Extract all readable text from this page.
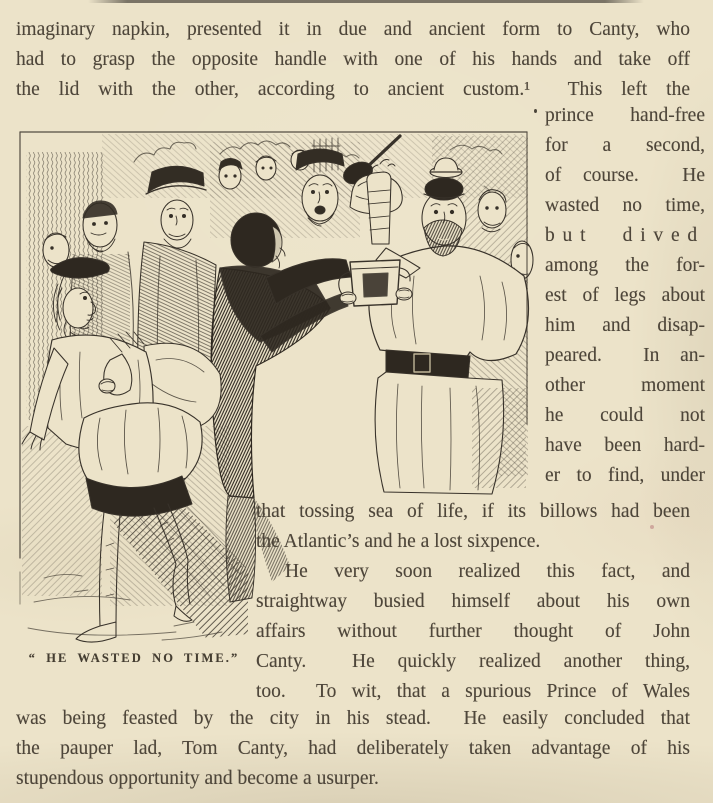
imaginary napkin, presented it in due and ancient form to Canty, who
had to grasp the opposite handle with one of his hands and take off
the lid with the other, according to ancient custom.¹  This left the
“ HE WASTED NO TIME.”
prince hand-free
for a second,
of course.  He
wasted no time,
but dived
among the for-
est of legs about
him and disap-
peared.  In an-
other moment
he could not
have been hard-
er to find, under
that tossing sea of life, if its billows had been
the Atlantic’s and he a lost sixpence.
He very soon realized this fact, and
straightway busied himself about his own
affairs without further thought of John
Canty.  He quickly realized another thing,
too.  To wit, that a spurious Prince of Wales
was being feasted by the city in his stead.  He easily concluded that
the pauper lad, Tom Canty, had deliberately taken advantage of his
stupendous opportunity and become a usurper.
